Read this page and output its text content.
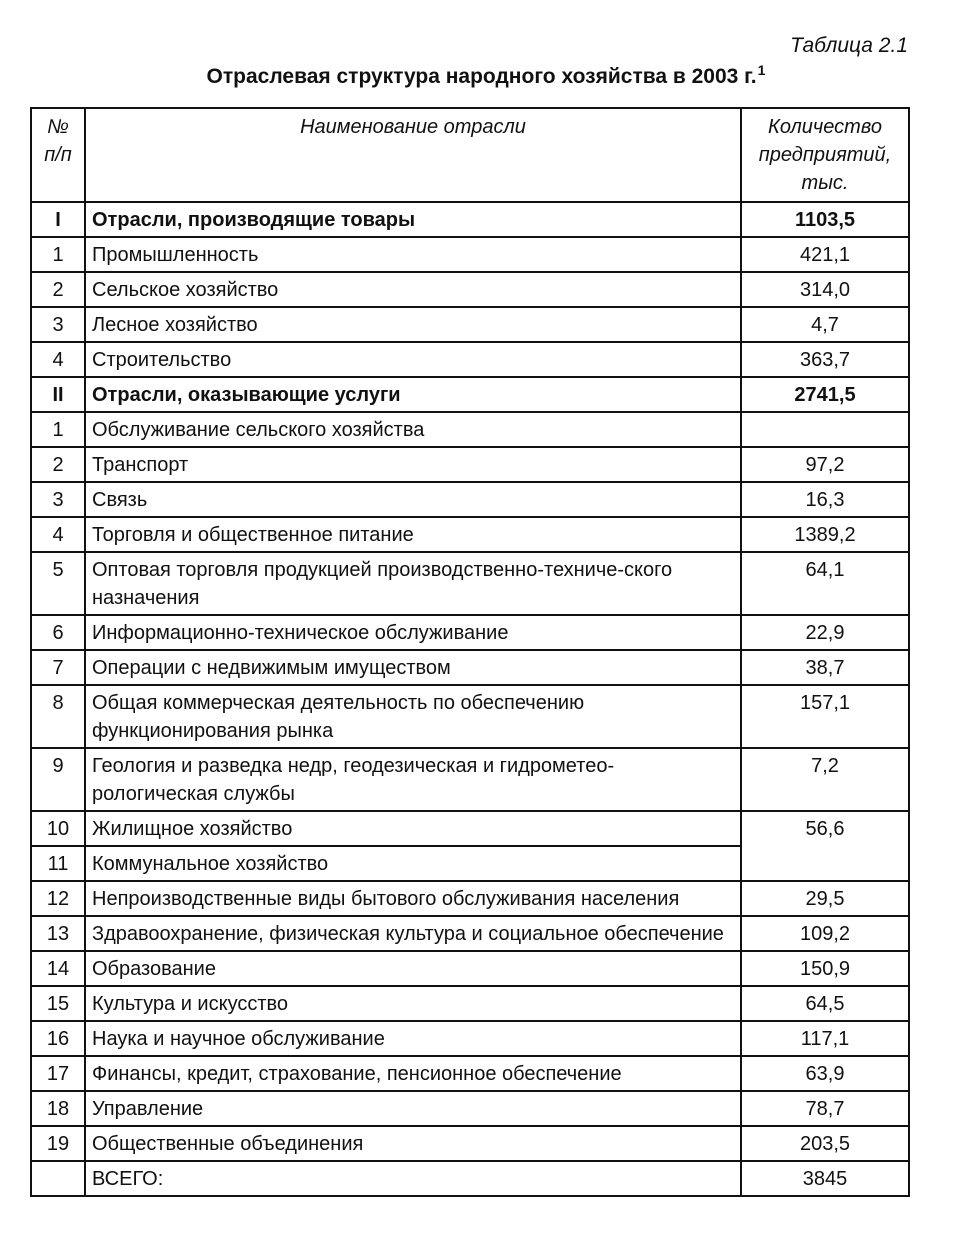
Таблица 2.1
Отраслевая структура народного хозяйства в 2003 г.$^1$
№ п/п	Наименование отрасли	Количество предприятий, тыс.
I	Отрасли, производящие товары	1103,5
1	Промышленность	421,1
2	Сельское хозяйство	314,0
3	Лесное хозяйство	4,7
4	Строительство	363,7
II	Отрасли, оказывающие услуги	2741,5
1	Обслуживание сельского хозяйства	
2	Транспорт	97,2
3	Связь	16,3
4	Торговля и общественное питание	1389,2
5	Оптовая торговля продукцией производственно-техниче-ского назначения	64,1
6	Информационно-техническое обслуживание	22,9
7	Операции с недвижимым имуществом	38,7
8	Общая коммерческая деятельность по обеспечению функционирования рынка	157,1
9	Геология и разведка недр, геодезическая и гидрометео-рологическая службы	7,2
10	Жилищное хозяйство	56,6
11	Коммунальное хозяйство	
12	Непроизводственные виды бытового обслуживания населения	29,5
13	Здравоохранение, физическая культура и социальное обеспечение	109,2
14	Образование	150,9
15	Культура и искусство	64,5
16	Наука и научное обслуживание	117,1
17	Финансы, кредит, страхование, пенсионное обеспечение	63,9
18	Управление	78,7
19	Общественные объединения	203,5
	ВСЕГО:	3845
